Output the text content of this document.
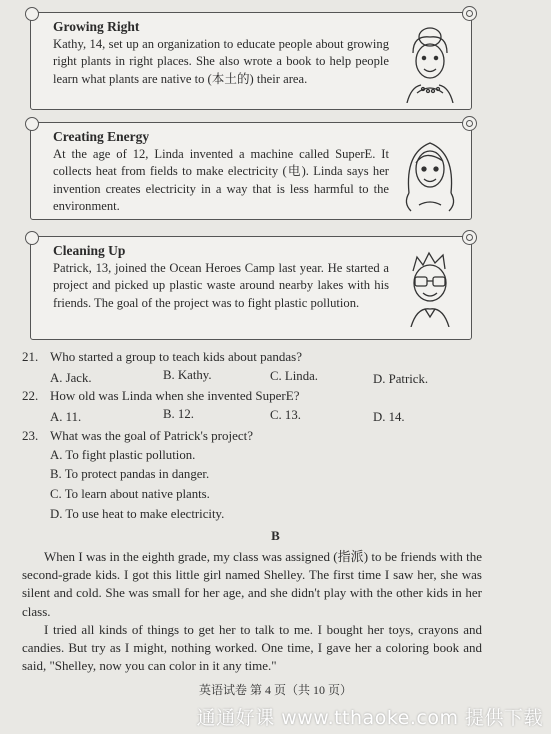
Growing Right
Kathy, 14, set up an organization to educate people about growing right plants in right places. She also wrote a book to help people learn what plants are native to (本土的) their area.
Creating Energy
At the age of 12, Linda invented a machine called SuperE. It collects heat from fields to make electricity (电). Linda says her invention creates electricity in a way that is less harmful to the environment.
Cleaning Up
Patrick, 13, joined the Ocean Heroes Camp last year. He started a project and picked up plastic waste around nearby lakes with his friends. The goal of the project was to fight plastic pollution.
21. Who started a group to teach kids about pandas?
A. Jack.	B. Kathy.	C. Linda.	D. Patrick.
22. How old was Linda when she invented SuperE?
A. 11.	B. 12.	C. 13.	D. 14.
23. What was the goal of Patrick's project?
A. To fight plastic pollution.
B. To protect pandas in danger.
C. To learn about native plants.
D. To use heat to make electricity.
B
When I was in the eighth grade, my class was assigned (指派) to be friends with the second-grade kids. I got this little girl named Shelley. The first time I saw her, she was silent and cold. She was small for her age, and she didn't play with the other kids in her class.
I tried all kinds of things to get her to talk to me. I bought her toys, crayons and candies. But try as I might, nothing worked. One time, I gave her a coloring book and said, "Shelley, now you can color in it any time."
英语试卷 第 4 页（共 10 页）
通通好课 www.tthaoke.com 提供下载
